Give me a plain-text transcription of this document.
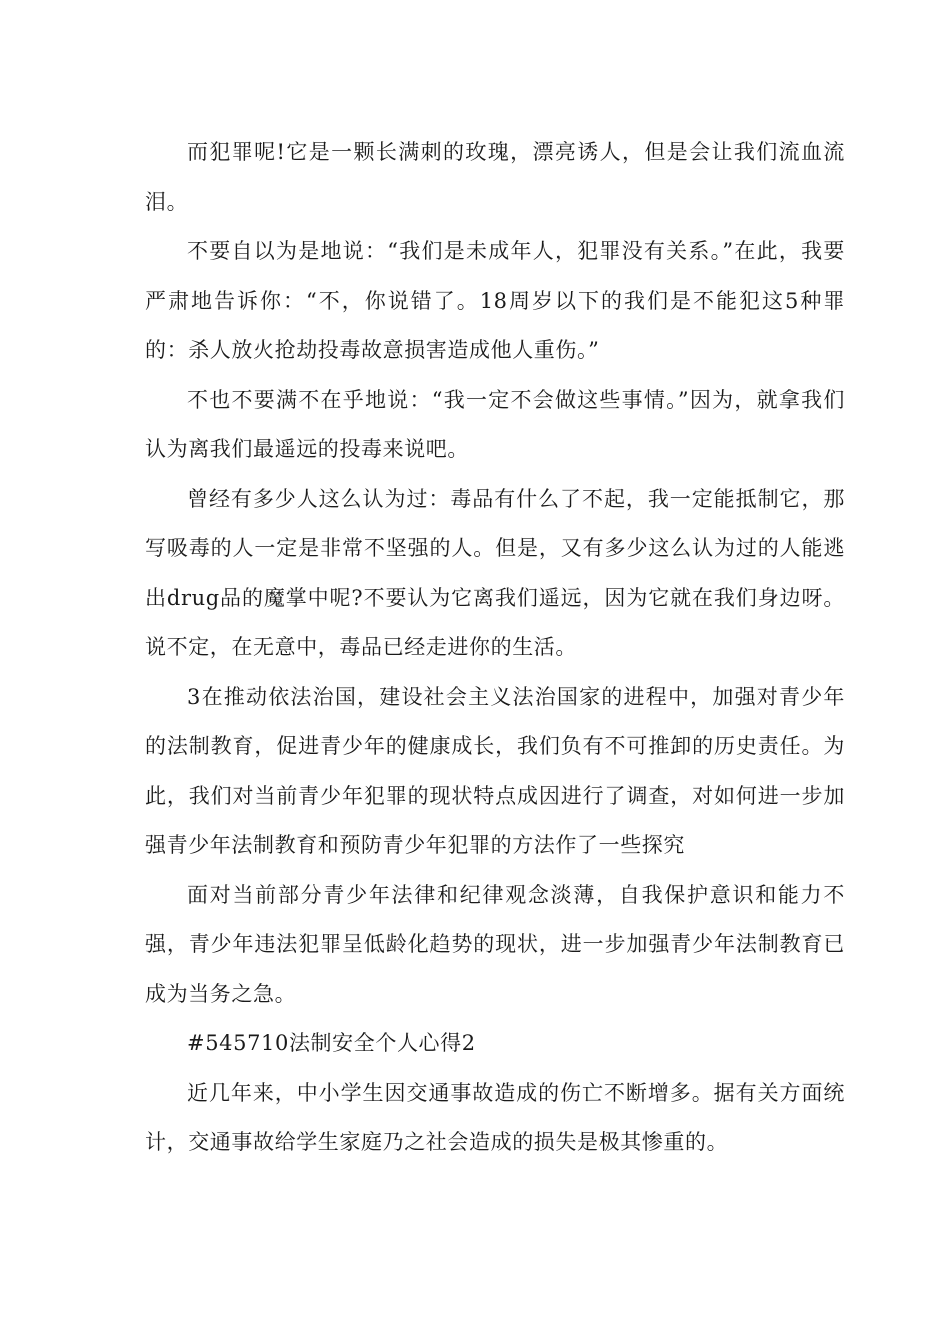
而犯罪呢!它是一颗长满刺的玫瑰，漂亮诱人，但是会让我们流血流泪。

不要自以为是地说：“我们是未成年人，犯罪没有关系。”在此，我要严肃地告诉你：“不，你说错了。18周岁以下的我们是不能犯这5种罪的：杀人放火抢劫投毒故意损害造成他人重伤。”

不也不要满不在乎地说：“我一定不会做这些事情。”因为，就拿我们认为离我们最遥远的投毒来说吧。

曾经有多少人这么认为过：毒品有什么了不起，我一定能抵制它，那写吸毒的人一定是非常不坚强的人。但是，又有多少这么认为过的人能逃出drug品的魔掌中呢?不要认为它离我们遥远，因为它就在我们身边呀。说不定，在无意中，毒品已经走进你的生活。

3在推动依法治国，建设社会主义法治国家的进程中，加强对青少年的法制教育，促进青少年的健康成长，我们负有不可推卸的历史责任。为此，我们对当前青少年犯罪的现状特点成因进行了调查，对如何进一步加强青少年法制教育和预防青少年犯罪的方法作了一些探究

面对当前部分青少年法律和纪律观念淡薄，自我保护意识和能力不强，青少年违法犯罪呈低龄化趋势的现状，进一步加强青少年法制教育已成为当务之急。

#545710法制安全个人心得2

近几年来，中小学生因交通事故造成的伤亡不断增多。据有关方面统计，交通事故给学生家庭乃之社会造成的损失是极其惨重的。
